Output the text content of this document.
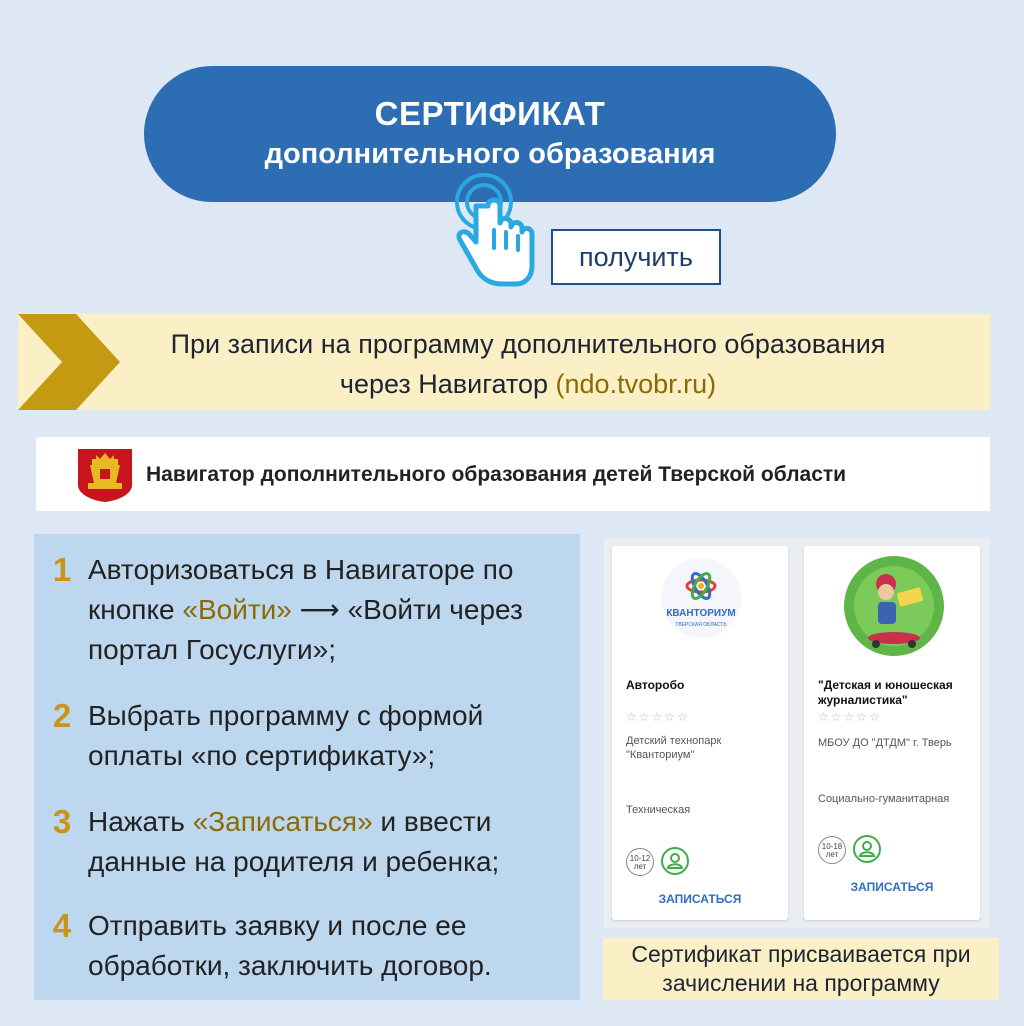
СЕРТИФИКАТ
дополнительного образования
получить
При записи на программу дополнительного образования
через Навигатор (ndo.tvobr.ru)
Навигатор дополнительного образования детей Тверской области
1 Авторизоваться в Навигаторе по кнопке «Войти» ⟶ «Войти через портал Госуслуги»;
2 Выбрать программу с формой оплаты «по сертификату»;
3 Нажать «Записаться» и ввести данные на родителя и ребенка;
4 Отправить заявку и после ее обработки, заключить договор.
КВАНТОРИУМ
ТВЕРСКАЯ ОБЛАСТЬ
Авторобо
☆☆☆☆☆
Детский технопарк "Кванториум"
Техническая
10-12
лет
ЗАПИСАТЬСЯ
"Детская и юношеская журналистика"
☆☆☆☆☆
МБОУ ДО "ДТДМ" г. Тверь
Социально-гуманитарная
10-18
лет
ЗАПИСАТЬСЯ
Сертификат присваивается при
зачислении на программу
